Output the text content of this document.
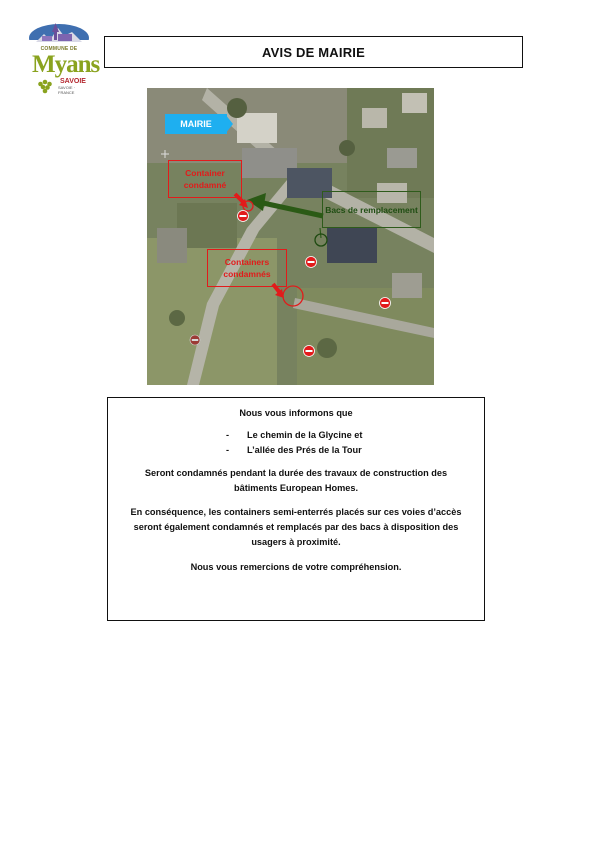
COMMUNE DE
Myans
SAVOIE
SAVOIE · FRANCE
AVIS DE MAIRIE
MAIRIE
Container condamné
Containers condamnés
Bacs de remplacement
Nous vous informons que
- Le chemin de la Glycine et
- L’allée des Prés de la Tour
Seront condamnés pendant la durée des travaux de construction des bâtiments European Homes.
En conséquence, les containers semi-enterrés placés sur ces voies d’accès seront également condamnés et remplacés par des bacs à disposition des usagers à proximité.
Nous vous remercions de votre compréhension.
